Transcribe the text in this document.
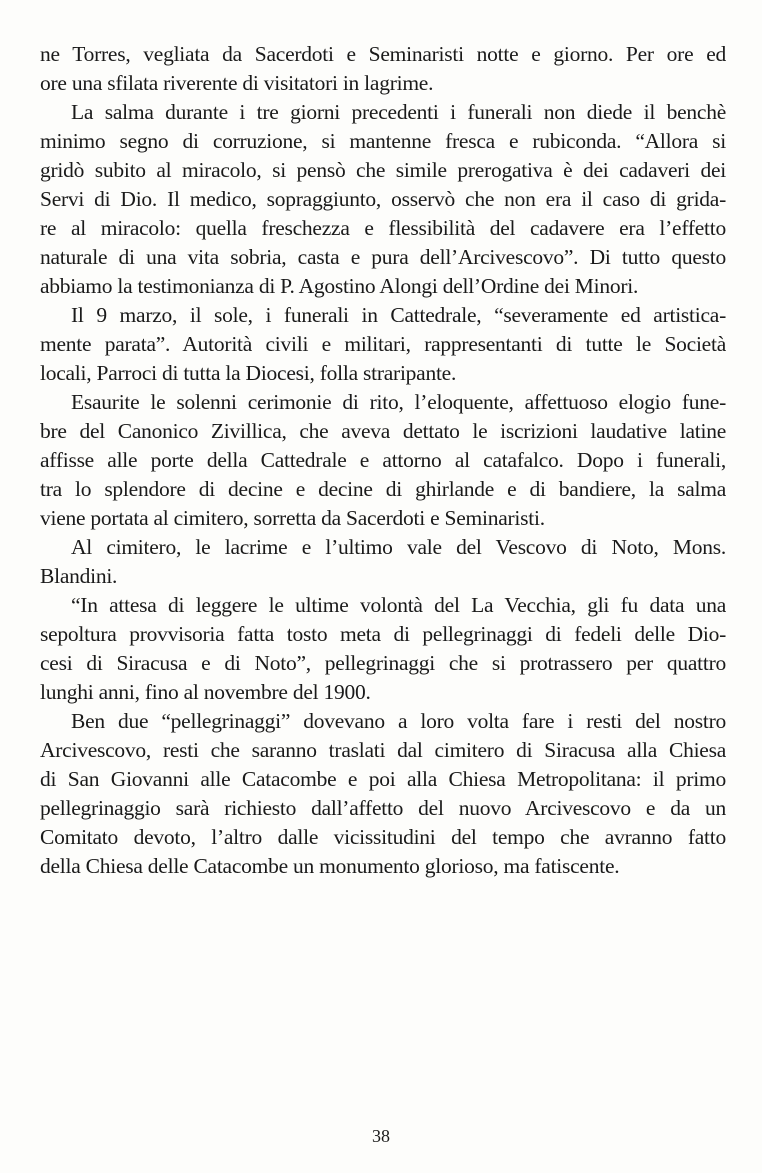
ne Torres, vegliata da Sacerdoti e Seminaristi notte e giorno. Per ore ed
ore una sfilata riverente di visitatori in lagrime.
La salma durante i tre giorni precedenti i funerali non diede il benchè
minimo segno di corruzione, si mantenne fresca e rubiconda. “Allora si
gridò subito al miracolo, si pensò che simile prerogativa è dei cadaveri dei
Servi di Dio. Il medico, sopraggiunto, osservò che non era il caso di grida-
re al miracolo: quella freschezza e flessibilità del cadavere era l’effetto
naturale di una vita sobria, casta e pura dell’Arcivescovo”. Di tutto questo
abbiamo la testimonianza di P. Agostino Alongi dell’Ordine dei Minori.
Il 9 marzo, il sole, i funerali in Cattedrale, “severamente ed artistica-
mente parata”. Autorità civili e militari, rappresentanti di tutte le Società
locali, Parroci di tutta la Diocesi, folla straripante.
Esaurite le solenni cerimonie di rito, l’eloquente, affettuoso elogio fune-
bre del Canonico Zivillica, che aveva dettato le iscrizioni laudative latine
affisse alle porte della Cattedrale e attorno al catafalco. Dopo i funerali,
tra lo splendore di decine e decine di ghirlande e di bandiere, la salma
viene portata al cimitero, sorretta da Sacerdoti e Seminaristi.
Al cimitero, le lacrime e l’ultimo vale del Vescovo di Noto, Mons.
Blandini.
“In attesa di leggere le ultime volontà del La Vecchia, gli fu data una
sepoltura provvisoria fatta tosto meta di pellegrinaggi di fedeli delle Dio-
cesi di Siracusa e di Noto”, pellegrinaggi che si protrassero per quattro
lunghi anni, fino al novembre del 1900.
Ben due “pellegrinaggi” dovevano a loro volta fare i resti del nostro
Arcivescovo, resti che saranno traslati dal cimitero di Siracusa alla Chiesa
di San Giovanni alle Catacombe e poi alla Chiesa Metropolitana: il primo
pellegrinaggio sarà richiesto dall’affetto del nuovo Arcivescovo e da un
Comitato devoto, l’altro dalle vicissitudini del tempo che avranno fatto
della Chiesa delle Catacombe un monumento glorioso, ma fatiscente.
38
